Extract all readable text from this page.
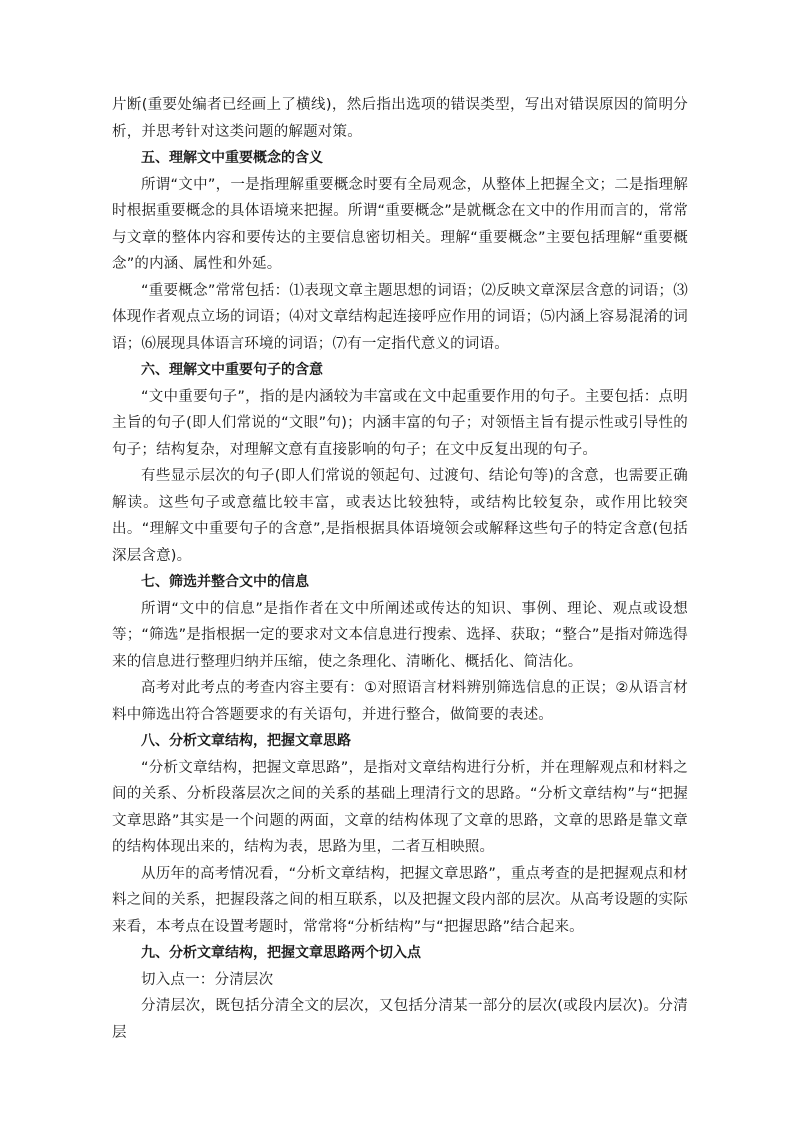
片断(重要处编者已经画上了横线)，然后指出选项的错误类型，写出对错误原因的简明分析，并思考针对这类问题的解题对策。

五、理解文中重要概念的含义

所谓“文中”，一是指理解重要概念时要有全局观念，从整体上把握全文；二是指理解时根据重要概念的具体语境来把握。所谓“重要概念”是就概念在文中的作用而言的，常常与文章的整体内容和要传达的主要信息密切相关。理解“重要概念”主要包括理解“重要概念”的内涵、属性和外延。

“重要概念”常常包括：⑴表现文章主题思想的词语；⑵反映文章深层含意的词语；⑶体现作者观点立场的词语；⑷对文章结构起连接呼应作用的词语；⑸内涵上容易混淆的词语；⑹展现具体语言环境的词语；⑺有一定指代意义的词语。

六、理解文中重要句子的含意

“文中重要句子”，指的是内涵较为丰富或在文中起重要作用的句子。主要包括：点明主旨的句子(即人们常说的“文眼”句)；内涵丰富的句子；对领悟主旨有提示性或引导性的句子；结构复杂，对理解文意有直接影响的句子；在文中反复出现的句子。

有些显示层次的句子(即人们常说的领起句、过渡句、结论句等)的含意，也需要正确解读。这些句子或意蕴比较丰富，或表达比较独特，或结构比较复杂，或作用比较突出。“理解文中重要句子的含意”,是指根据具体语境领会或解释这些句子的特定含意(包括深层含意)。

七、筛选并整合文中的信息

所谓“文中的信息”是指作者在文中所阐述或传达的知识、事例、理论、观点或设想等；“筛选”是指根据一定的要求对文本信息进行搜索、选择、获取；“整合”是指对筛选得来的信息进行整理归纳并压缩，使之条理化、清晰化、概括化、简洁化。

高考对此考点的考查内容主要有：①对照语言材料辨别筛选信息的正误；②从语言材料中筛选出符合答题要求的有关语句，并进行整合，做简要的表述。

八、分析文章结构，把握文章思路

“分析文章结构，把握文章思路”，是指对文章结构进行分析，并在理解观点和材料之间的关系、分析段落层次之间的关系的基础上理清行文的思路。“分析文章结构”与“把握文章思路”其实是一个问题的两面，文章的结构体现了文章的思路，文章的思路是靠文章的结构体现出来的，结构为表，思路为里，二者互相映照。

从历年的高考情况看，“分析文章结构，把握文章思路”，重点考查的是把握观点和材料之间的关系，把握段落之间的相互联系，以及把握文段内部的层次。从高考设题的实际来看，本考点在设置考题时，常常将“分析结构”与“把握思路”结合起来。

九、分析文章结构，把握文章思路两个切入点

切入点一：分清层次

分清层次，既包括分清全文的层次，又包括分清某一部分的层次(或段内层次)。分清层
